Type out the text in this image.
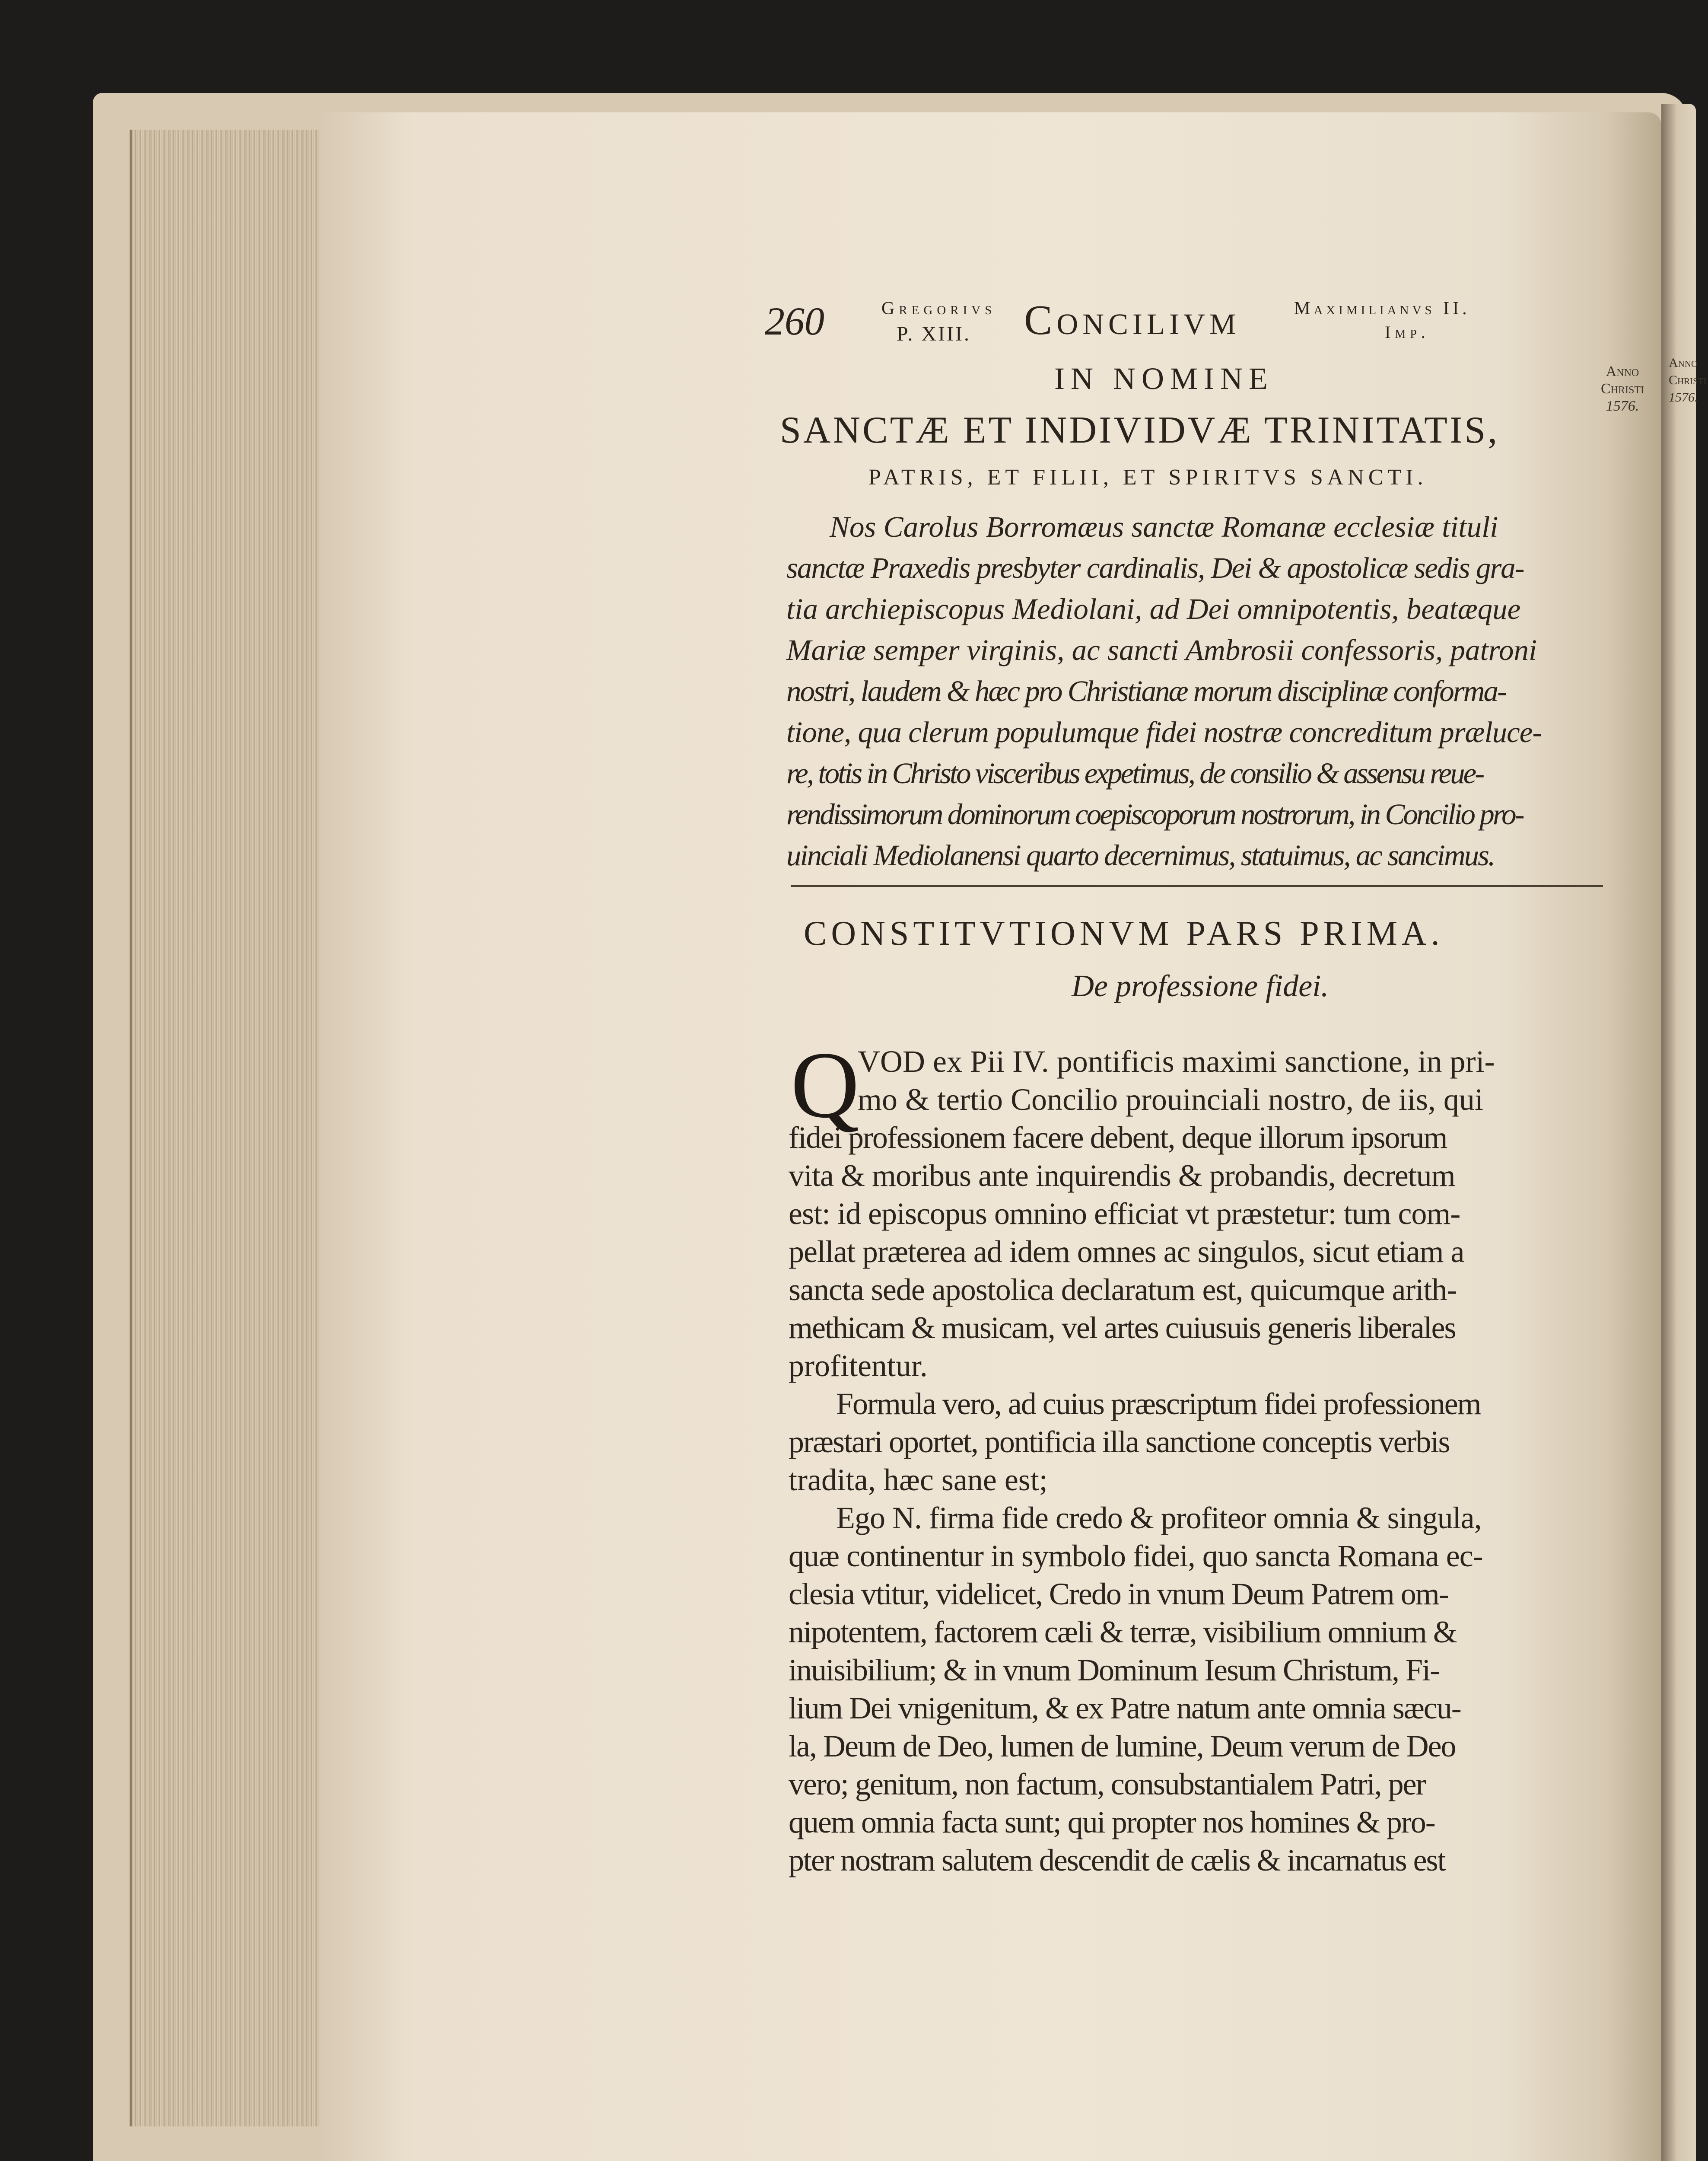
260	Gregorivs
P. XIII. Concilivm	Maximilianvs II.
Imp.
Anno
Christi
1576.
Anno
Christi
1576.
IN NOMINE
SANCTÆ ET INDIVIDVÆ TRINITATIS,
PATRIS, ET FILII, ET SPIRITVS SANCTI.
Nos Carolus Borromæus sanctæ Romanæ ecclesiæ tituli
sanctæ Praxedis presbyter cardinalis, Dei & apostolicæ sedis gra-
tia archiepiscopus Mediolani, ad Dei omnipotentis, beatæque
Mariæ semper virginis, ac sancti Ambrosii confessoris, patroni
nostri, laudem & hæc pro Christianæ morum disciplinæ conforma-
tione, qua clerum populumque fidei nostræ concreditum præluce-
re, totis in Christo visceribus expetimus, de consilio & assensu reue-
rendissimorum dominorum coepiscoporum nostrorum, in Concilio pro-
uinciali Mediolanensi quarto decernimus, statuimus, ac sancimus.
CONSTITVTIONVM PARS PRIMA.
De professione fidei.
Q
VOD ex Pii IV. pontificis maximi sanctione, in pri-
mo & tertio Concilio prouinciali nostro, de iis, qui
fidei professionem facere debent, deque illorum ipsorum
vita & moribus ante inquirendis & probandis, decretum
est: id episcopus omnino efficiat vt præstetur: tum com-
pellat præterea ad idem omnes ac singulos, sicut etiam a
sancta sede apostolica declaratum est, quicumque arith-
methicam & musicam, vel artes cuiusuis generis liberales
profitentur.
Formula vero, ad cuius præscriptum fidei professionem
præstari oportet, pontificia illa sanctione conceptis verbis
tradita, hæc sane est;
Ego N. firma fide credo & profiteor omnia & singula,
quæ continentur in symbolo fidei, quo sancta Romana ec-
clesia vtitur, videlicet, Credo in vnum Deum Patrem om-
nipotentem, factorem cæli & terræ, visibilium omnium &
inuisibilium; & in vnum Dominum Iesum Christum, Fi-
lium Dei vnigenitum, & ex Patre natum ante omnia sæcu-
la, Deum de Deo, lumen de lumine, Deum verum de Deo
vero; genitum, non factum, consubstantialem Patri, per
quem omnia facta sunt; qui propter nos homines & pro-
pter nostram salutem descendit de cælis & incarnatus est
